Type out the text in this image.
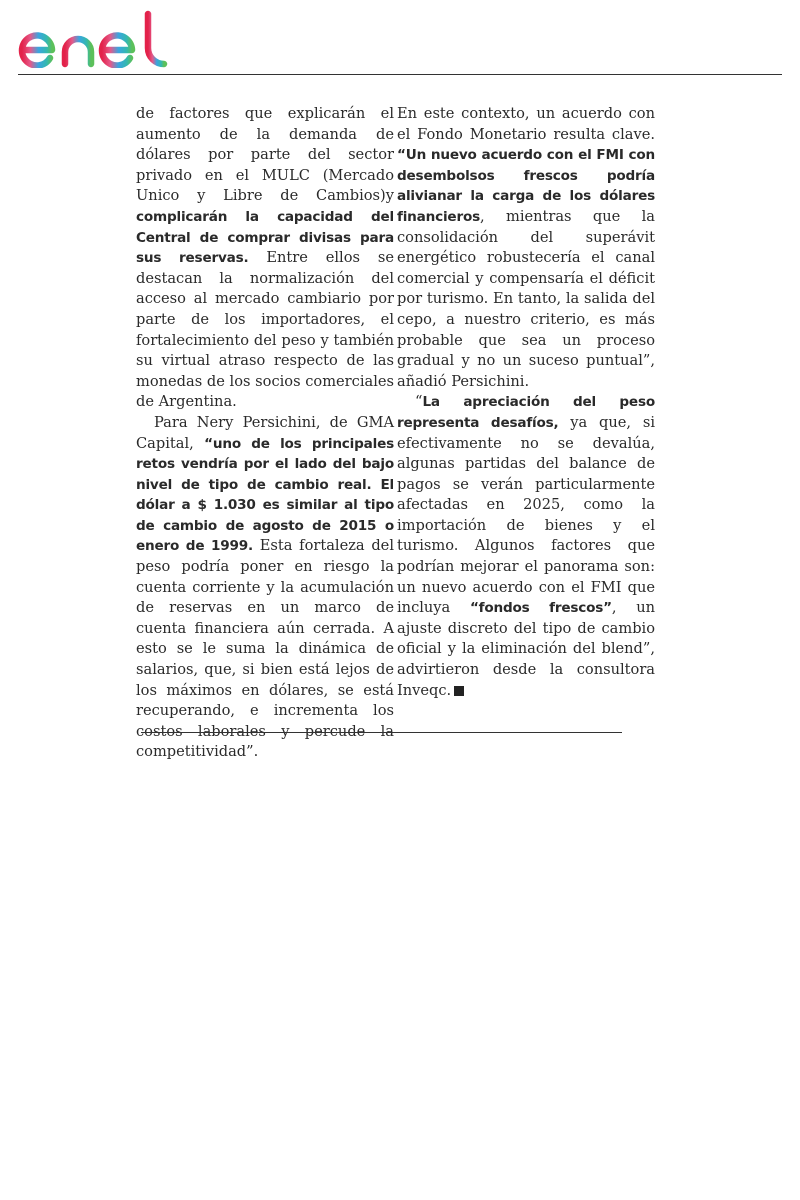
de factores que explicarán el aumento de la demanda de dólares por parte del sector privado en el MULC (Mercado Unico y Libre de Cambios)y complicarán la capacidad del Central de comprar divisas para sus reservas. Entre ellos se destacan la normalización del acceso al mercado cambiario por parte de los importadores, el fortalecimiento del peso y también su virtual atraso respecto de las monedas de los socios comerciales de Argentina.

Para Nery Persichini, de GMA Capital, “uno de los principales retos vendría por el lado del bajo nivel de tipo de cambio real. El dólar a $ 1.030 es similar al tipo de cambio de agosto de 2015 o enero de 1999. Esta fortaleza del peso podría poner en riesgo la cuenta corriente y la acumulación de reservas en un marco de cuenta financiera aún cerrada. A esto se le suma la dinámica de salarios, que, si bien está lejos de los máximos en dólares, se está recuperando, e incrementa los costos laborales y percude la competitividad”.

En este contexto, un acuerdo con el Fondo Monetario resulta clave. “Un nuevo acuerdo con el FMI con desembolsos frescos podría alivianar la carga de los dólares financieros, mientras que la consolidación del superávit energético robustecería el canal comercial y compensaría el déficit por turismo. En tanto, la salida del cepo, a nuestro criterio, es más probable que sea un proceso gradual y no un suceso puntual”, añadió Persichini.

“La apreciación del peso representa desafíos, ya que, si efectivamente no se devalúa, algunas partidas del balance de pagos se verán particularmente afectadas en 2025, como la importación de bienes y el turismo. Algunos factores que podrían mejorar el panorama son: un nuevo acuerdo con el FMI que incluya “fondos frescos”, un ajuste discreto del tipo de cambio oficial y la eliminación del blend”, advirtieron desde la consultora Inveqc.
